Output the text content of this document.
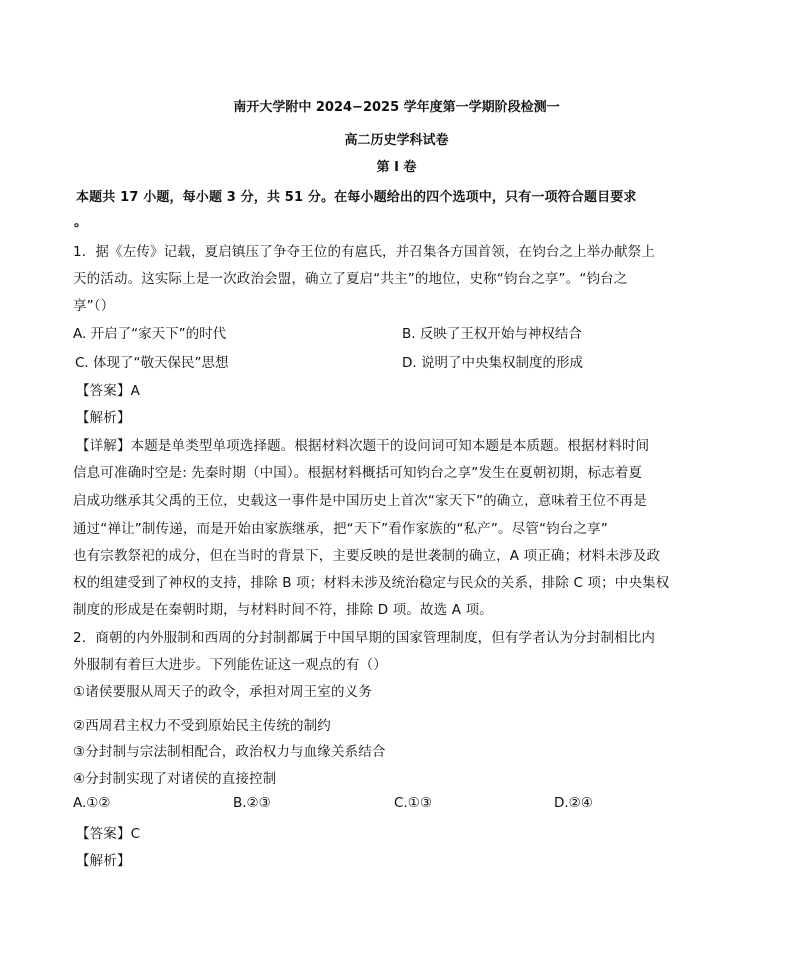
南开大学附中 2024−2025 学年度第一学期阶段检测一
高二历史学科试卷
第 I 卷
本题共 17 小题，每小题 3 分，共 51 分。在每小题给出的四个选项中，只有一项符合题目要求
。
1．据《左传》记载，夏启镇压了争夺王位的有扈氏，并召集各方国首领，在钧台之上举办献祭上
天的活动。这实际上是一次政治会盟，确立了夏启“共主”的地位，史称“钧台之享”。“钧台之
享”（）
A. 开启了“家天下”的时代	B. 反映了王权开始与神权结合
C. 体现了“敬天保民”思想	D. 说明了中央集权制度的形成
【答案】A
【解析】
【详解】本题是单类型单项选择题。根据材料次题干的设问词可知本题是本质题。根据材料时间
信息可准确时空是: 先秦时期（中国）。根据材料概括可知钧台之享”发生在夏朝初期，标志着夏
启成功继承其父禹的王位，史载这一事件是中国历史上首次“家天下”的确立，意味着王位不再是
通过“禅让”制传递，而是开始由家族继承，把“天下”看作家族的“私产”。尽管“钧台之享”
也有宗教祭祀的成分，但在当时的背景下，主要反映的是世袭制的确立，A 项正确；材料未涉及政
权的组建受到了神权的支持，排除 B 项；材料未涉及统治稳定与民众的关系，排除 C 项；中央集权
制度的形成是在秦朝时期，与材料时间不符，排除 D 项。故选 A 项。
2．商朝的内外服制和西周的分封制都属于中国早期的国家管理制度，但有学者认为分封制相比内
外服制有着巨大进步。下列能佐证这一观点的有（）
①诸侯要服从周天子的政令，承担对周王室的义务
②西周君主权力不受到原始民主传统的制约
③分封制与宗法制相配合，政治权力与血缘关系结合
④分封制实现了对诸侯的直接控制
A.①②	B.②③	C.①③	D.②④
【答案】C
【解析】
